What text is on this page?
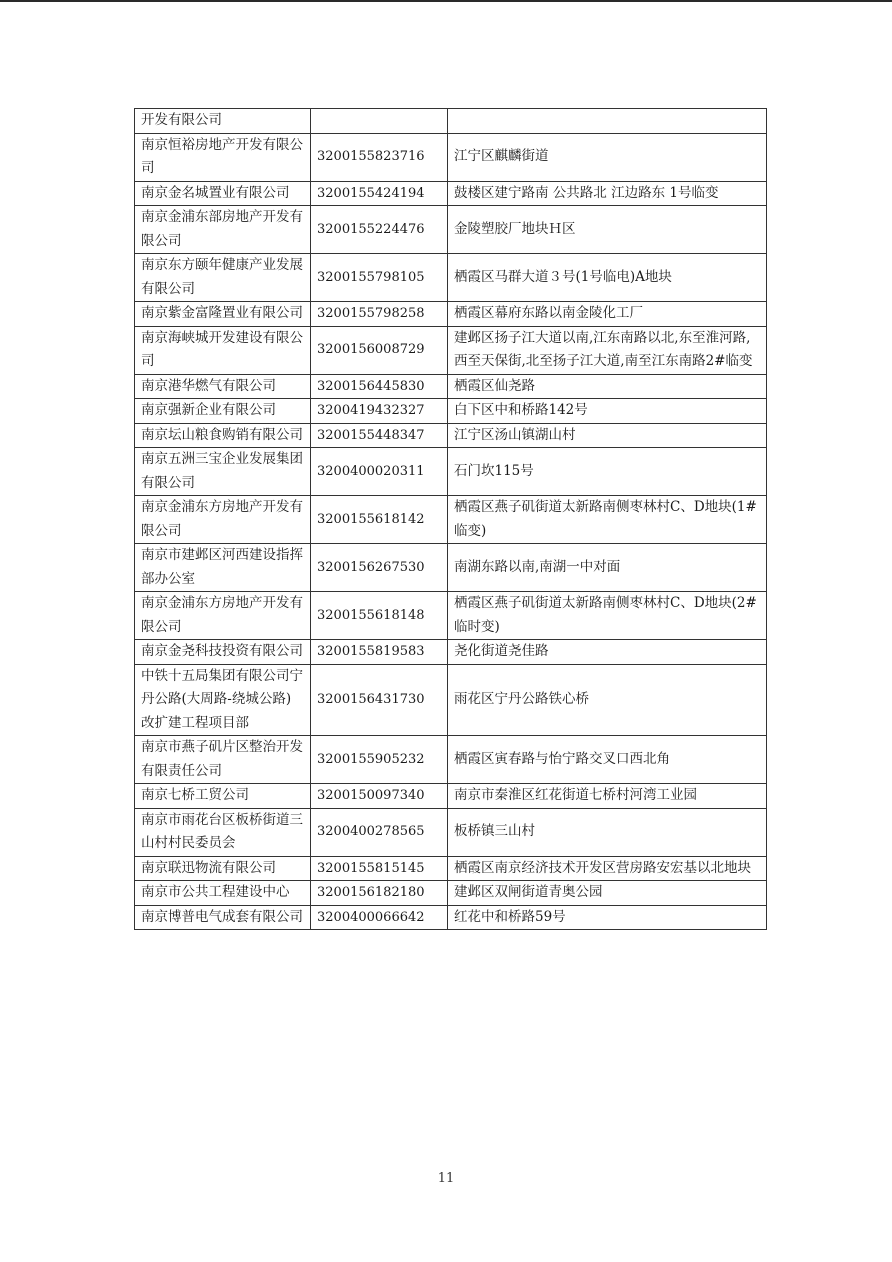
开发有限公司		
南京恒裕房地产开发有限公司	3200155823716	江宁区麒麟街道
南京金名城置业有限公司	3200155424194	鼓楼区建宁路南 公共路北 江边路东 1号临变
南京金浦东部房地产开发有限公司	3200155224476	金陵塑胶厂地块Ｈ区
南京东方颐年健康产业发展有限公司	3200155798105	栖霞区马群大道３号(1号临电)A地块
南京紫金富隆置业有限公司	3200155798258	栖霞区幕府东路以南金陵化工厂
南京海峡城开发建设有限公司	3200156008729	建邺区扬子江大道以南,江东南路以北,东至淮河路,西至天保街,北至扬子江大道,南至江东南路2#临变
南京港华燃气有限公司	3200156445830	栖霞区仙尧路
南京强新企业有限公司	3200419432327	白下区中和桥路142号
南京坛山粮食购销有限公司	3200155448347	江宁区汤山镇湖山村
南京五洲三宝企业发展集团有限公司	3200400020311	石门坎115号
南京金浦东方房地产开发有限公司	3200155618142	栖霞区燕子矶街道太新路南侧枣林村C、D地块(1#临变)
南京市建邺区河西建设指挥部办公室	3200156267530	南湖东路以南,南湖一中对面
南京金浦东方房地产开发有限公司	3200155618148	栖霞区燕子矶街道太新路南侧枣林村C、D地块(2#临时变)
南京金尧科技投资有限公司	3200155819583	尧化街道尧佳路
中铁十五局集团有限公司宁丹公路(大周路-绕城公路)改扩建工程项目部	3200156431730	雨花区宁丹公路铁心桥
南京市燕子矶片区整治开发有限责任公司	3200155905232	栖霞区寅春路与怡宁路交叉口西北角
南京七桥工贸公司	3200150097340	南京市秦淮区红花街道七桥村河湾工业园
南京市雨花台区板桥街道三山村村民委员会	3200400278565	板桥镇三山村
南京联迅物流有限公司	3200155815145	栖霞区南京经济技术开发区营房路安宏基以北地块
南京市公共工程建设中心	3200156182180	建邺区双闸街道青奥公园
南京博普电气成套有限公司	3200400066642	红花中和桥路59号
11
